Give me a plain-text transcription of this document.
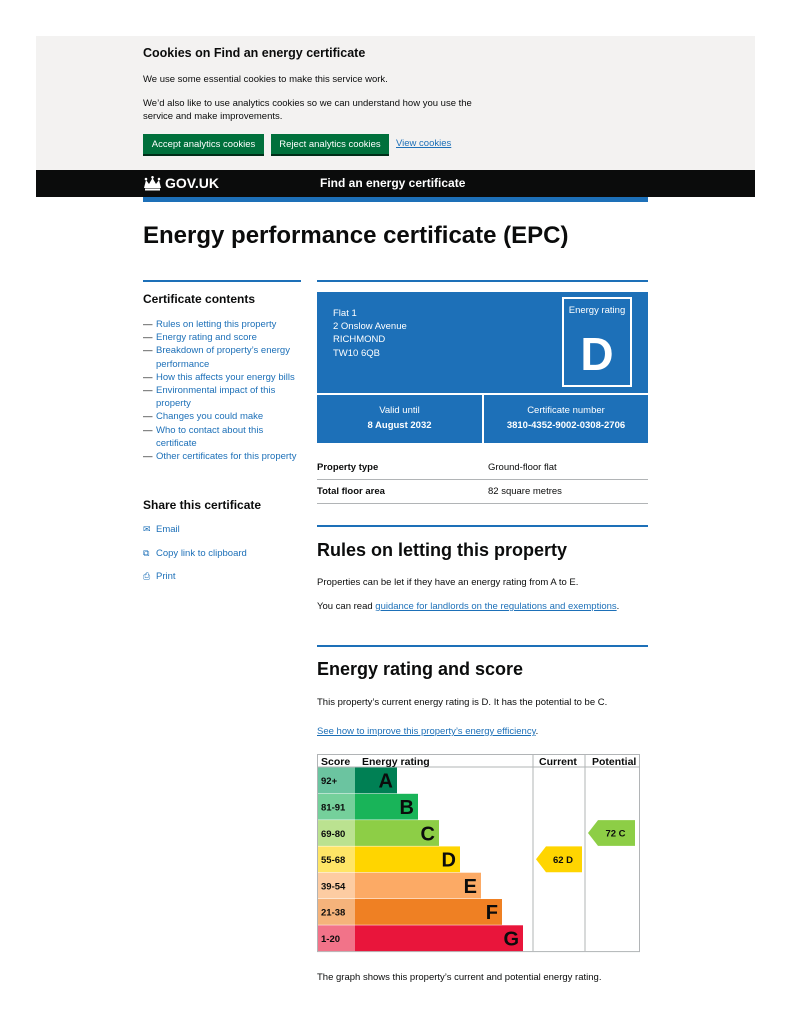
Cookies on Find an energy certificate

We use some essential cookies to make this service work.

We’d also like to use analytics cookies so we can understand how you use the service and make improvements.

Accept analytics cookies	Reject analytics cookies	View cookies
GOV.UK	Find an energy certificate
Energy performance certificate (EPC)
Certificate contents
— Rules on letting this property
— Energy rating and score
— Breakdown of property’s energy performance
— How this affects your energy bills
— Environmental impact of this property
— Changes you could make
— Who to contact about this certificate
— Other certificates for this property
Share this certificate
✉ Email
⧉ Copy link to clipboard
⎙ Print
Flat 1
2 Onslow Avenue
RICHMOND
TW10 6QB
Energy rating
D
Valid until
8 August 2032
Certificate number
3810-4352-9002-0308-2706
Property type	Ground-floor flat
Total floor area	82 square metres
Rules on letting this property

Properties can be let if they have an energy rating from A to E.

You can read guidance for landlords on the regulations and exemptions.

Energy rating and score

This property’s current energy rating is D. It has the potential to be C.

See how to improve this property’s energy efficiency.

Score Energy rating	Current Potential
92+ A
81-91	B
69-80	C
55-68	D
39-54	E
21-38	F
1-20	G
62 D
72 C

The graph shows this property’s current and potential energy rating.
